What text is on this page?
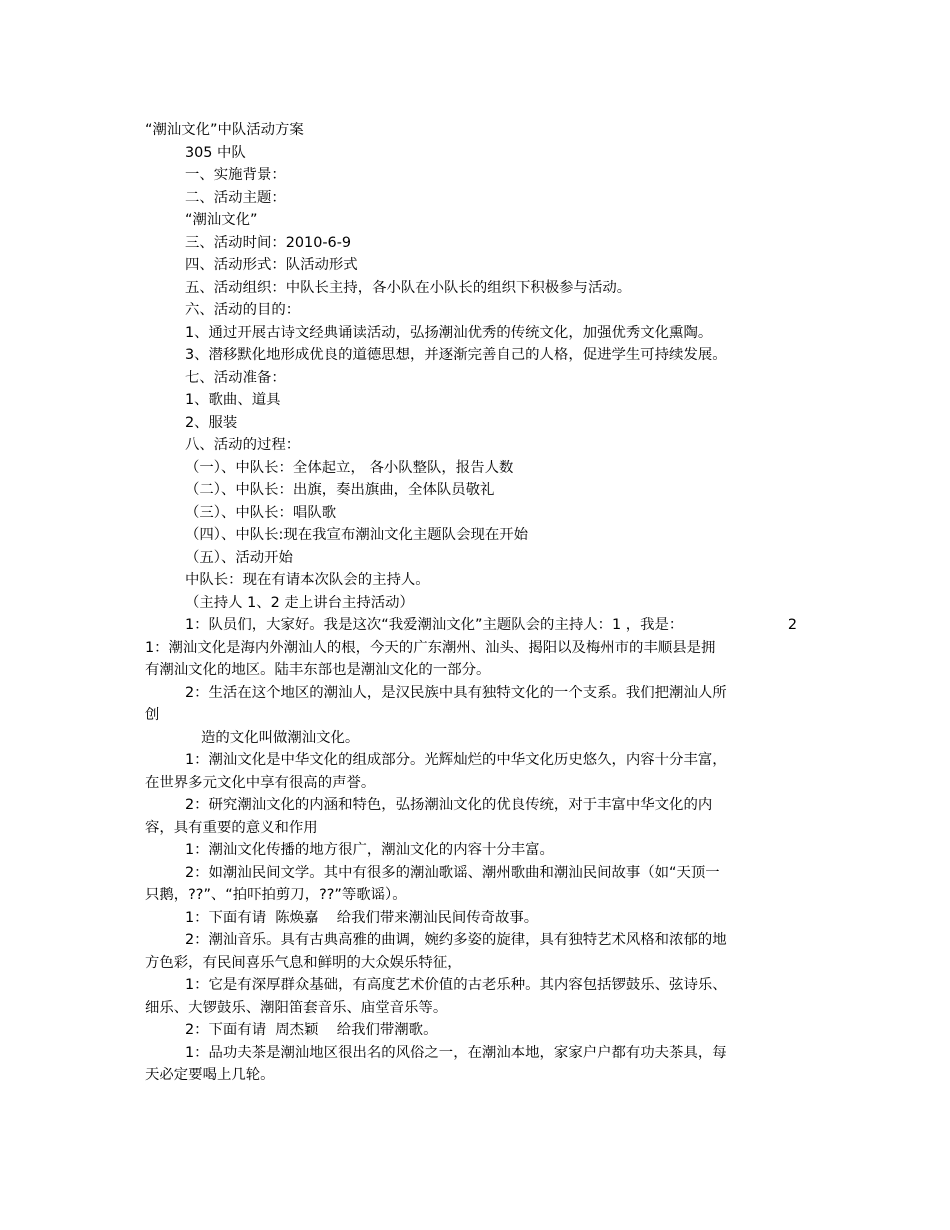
“潮汕文化”中队活动方案
305 中队
一、实施背景：
二、活动主题：
“潮汕文化”
三、活动时间：2010-6-9
四、活动形式：队活动形式
五、活动组织：中队长主持，各小队在小队长的组织下积极参与活动。
六、活动的目的：
1、通过开展古诗文经典诵读活动，弘扬潮汕优秀的传统文化，加强优秀文化熏陶。
3、潜移默化地形成优良的道德思想，并逐渐完善自己的人格，促进学生可持续发展。
七、活动准备：
1、歌曲、道具
2、服装
八、活动的过程：
（一）、中队长：全体起立， 各小队整队，报告人数
（二）、中队长：出旗，奏出旗曲，全体队员敬礼
（三）、中队长：唱队歌
（四）、中队长:现在我宣布潮汕文化主题队会现在开始
（五）、活动开始
中队长：现在有请本次队会的主持人。
（主持人 1、2 走上讲台主持活动）
1：队员们，大家好。我是这次“我爱潮汕文化”主题队会的主持人：1 ，我是：	2
1：潮汕文化是海内外潮汕人的根，今天的广东潮州、汕头、揭阳以及梅州市的丰顺县是拥
有潮汕文化的地区。陆丰东部也是潮汕文化的一部分。
2：生活在这个地区的潮汕人，是汉民族中具有独特文化的一个支系。我们把潮汕人所
创
造的文化叫做潮汕文化。
1：潮汕文化是中华文化的组成部分。光辉灿烂的中华文化历史悠久，内容十分丰富，
在世界多元文化中享有很高的声誉。
2：研究潮汕文化的内涵和特色，弘扬潮汕文化的优良传统，对于丰富中华文化的内
容，具有重要的意义和作用
1：潮汕文化传播的地方很广，潮汕文化的内容十分丰富。
2：如潮汕民间文学。其中有很多的潮汕歌谣、潮州歌曲和潮汕民间故事（如“天顶一
只鹅，??”、“拍吓拍剪刀，??”等歌谣）。
1：下面有请  陈焕嘉    给我们带来潮汕民间传奇故事。
2：潮汕音乐。具有古典高雅的曲调，婉约多姿的旋律，具有独特艺术风格和浓郁的地
方色彩，有民间喜乐气息和鲜明的大众娱乐特征，
1：它是有深厚群众基础，有高度艺术价值的古老乐种。其内容包括锣鼓乐、弦诗乐、
细乐、大锣鼓乐、潮阳笛套音乐、庙堂音乐等。
2：下面有请  周杰颖    给我们带潮歌。
1：品功夫茶是潮汕地区很出名的风俗之一，在潮汕本地，家家户户都有功夫茶具，每
天必定要喝上几轮。
